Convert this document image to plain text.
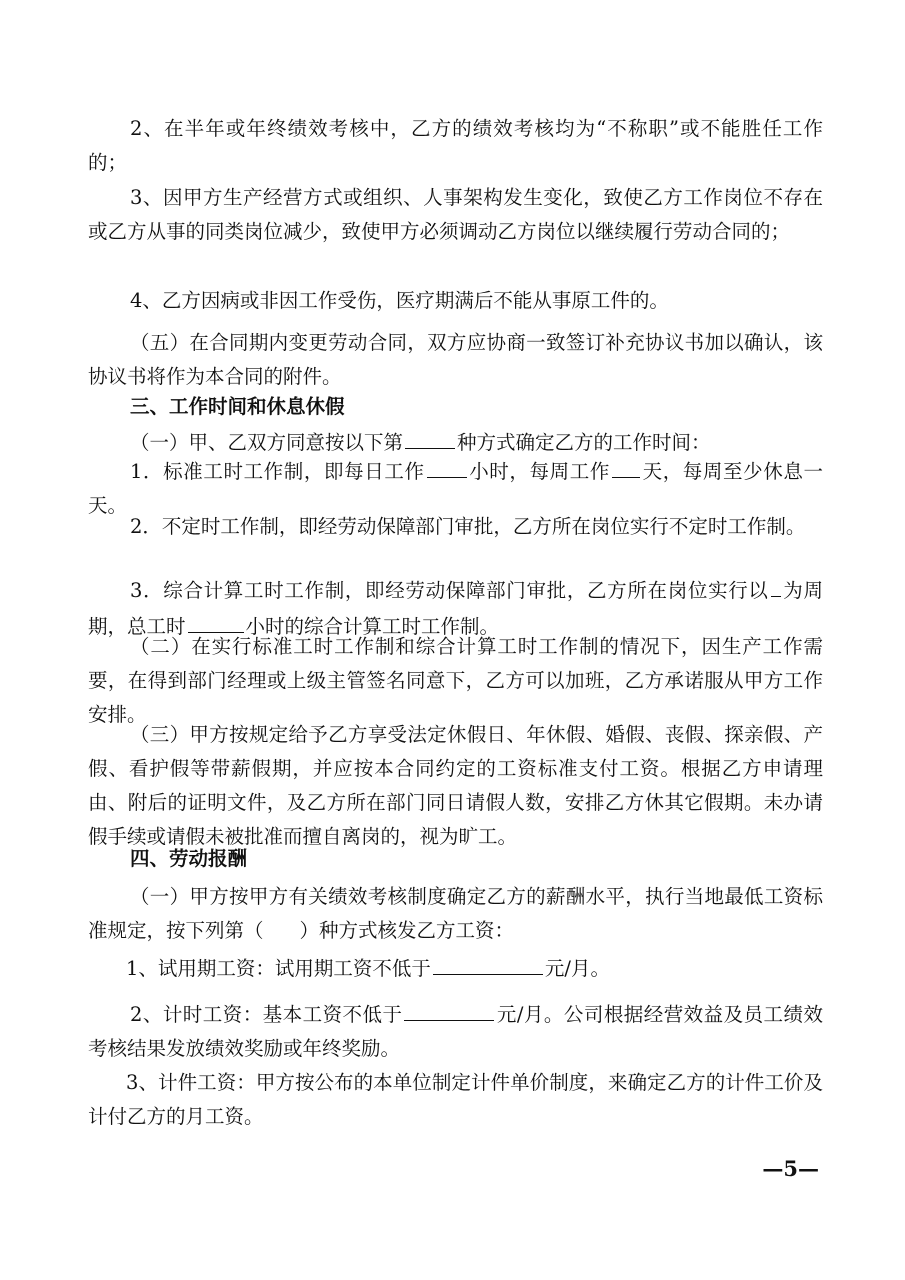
2、在半年或年终绩效考核中，乙方的绩效考核均为“不称职”或不能胜任工作的；

3、因甲方生产经营方式或组织、人事架构发生变化，致使乙方工作岗位不存在或乙方从事的同类岗位减少，致使甲方必须调动乙方岗位以继续履行劳动合同的；

4、乙方因病或非因工作受伤，医疗期满后不能从事原工件的。

（五）在合同期内变更劳动合同，双方应协商一致签订补充协议书加以确认，该协议书将作为本合同的附件。

三、工作时间和休息休假

（一）甲、乙双方同意按以下第	种方式确定乙方的工作时间：

1．标准工时工作制，即每日工作 小时，每周工作 天，每周至少休息一天。

2．不定时工作制，即经劳动保障部门审批，乙方所在岗位实行不定时工作制。

3．综合计算工时工作制，即经劳动保障部门审批，乙方所在岗位实行以 为周期，总工时	小时的综合计算工时工作制。

（二）在实行标准工时工作制和综合计算工时工作制的情况下，因生产工作需要，在得到部门经理或上级主管签名同意下，乙方可以加班，乙方承诺服从甲方工作安排。

（三）甲方按规定给予乙方享受法定休假日、年休假、婚假、丧假、探亲假、产假、看护假等带薪假期，并应按本合同约定的工资标准支付工资。根据乙方申请理由、附后的证明文件，及乙方所在部门同日请假人数，安排乙方休其它假期。未办请假手续或请假未被批准而擅自离岗的，视为旷工。

四、劳动报酬

（一）甲方按甲方有关绩效考核制度确定乙方的薪酬水平，执行当地最低工资标准规定，按下列第（ ）种方式核发乙方工资：

1、试用期工资：试用期工资不低于	元/月。

2、计时工资：基本工资不低于	元/月。公司根据经营效益及员工绩效考核结果发放绩效奖励或年终奖励。

3、计件工资：甲方按公布的本单位制定计件单价制度，来确定乙方的计件工价及计付乙方的月工资。

—5—
